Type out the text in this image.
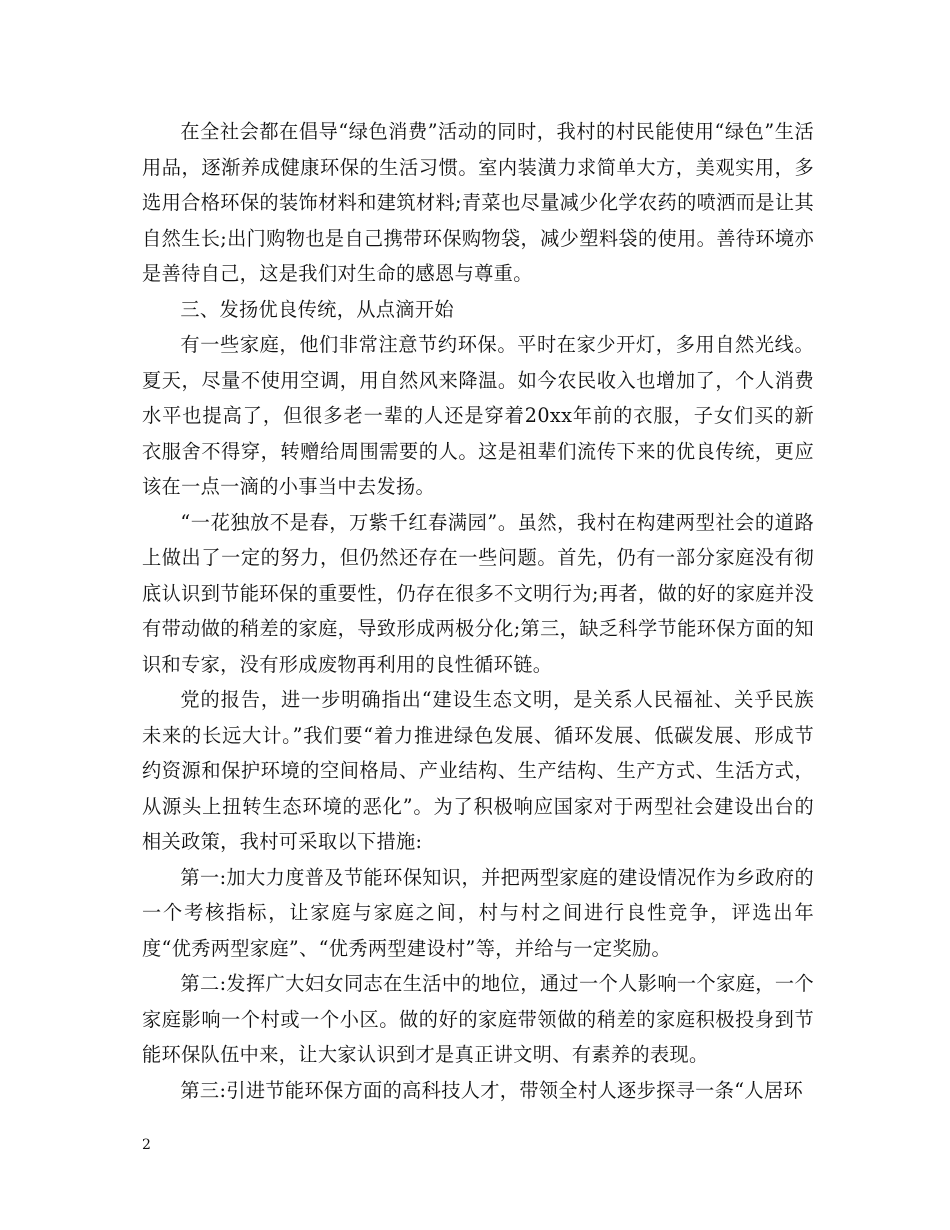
在全社会都在倡导“绿色消费”活动的同时，我村的村民能使用“绿色”生活用品，逐渐养成健康环保的生活习惯。室内装潢力求简单大方，美观实用，多选用合格环保的装饰材料和建筑材料;青菜也尽量减少化学农药的喷洒而是让其自然生长;出门购物也是自己携带环保购物袋，减少塑料袋的使用。善待环境亦是善待自己，这是我们对生命的感恩与尊重。

三、发扬优良传统，从点滴开始

有一些家庭，他们非常注意节约环保。平时在家少开灯，多用自然光线。夏天，尽量不使用空调，用自然风来降温。如今农民收入也增加了，个人消费水平也提高了，但很多老一辈的人还是穿着20xx年前的衣服，子女们买的新衣服舍不得穿，转赠给周围需要的人。这是祖辈们流传下来的优良传统，更应该在一点一滴的小事当中去发扬。

“一花独放不是春，万紫千红春满园”。虽然，我村在构建两型社会的道路上做出了一定的努力，但仍然还存在一些问题。首先，仍有一部分家庭没有彻底认识到节能环保的重要性，仍存在很多不文明行为;再者，做的好的家庭并没有带动做的稍差的家庭，导致形成两极分化;第三，缺乏科学节能环保方面的知识和专家，没有形成废物再利用的良性循环链。

党的报告，进一步明确指出“建设生态文明，是关系人民福祉、关乎民族未来的长远大计。”我们要“着力推进绿色发展、循环发展、低碳发展、形成节约资源和保护环境的空间格局、产业结构、生产结构、生产方式、生活方式，从源头上扭转生态环境的恶化”。为了积极响应国家对于两型社会建设出台的相关政策，我村可采取以下措施:

第一:加大力度普及节能环保知识，并把两型家庭的建设情况作为乡政府的一个考核指标，让家庭与家庭之间，村与村之间进行良性竞争，评选出年度“优秀两型家庭”、“优秀两型建设村”等，并给与一定奖励。

第二:发挥广大妇女同志在生活中的地位，通过一个人影响一个家庭，一个家庭影响一个村或一个小区。做的好的家庭带领做的稍差的家庭积极投身到节能环保队伍中来，让大家认识到才是真正讲文明、有素养的表现。

第三:引进节能环保方面的高科技人才，带领全村人逐步探寻一条“人居环

2
